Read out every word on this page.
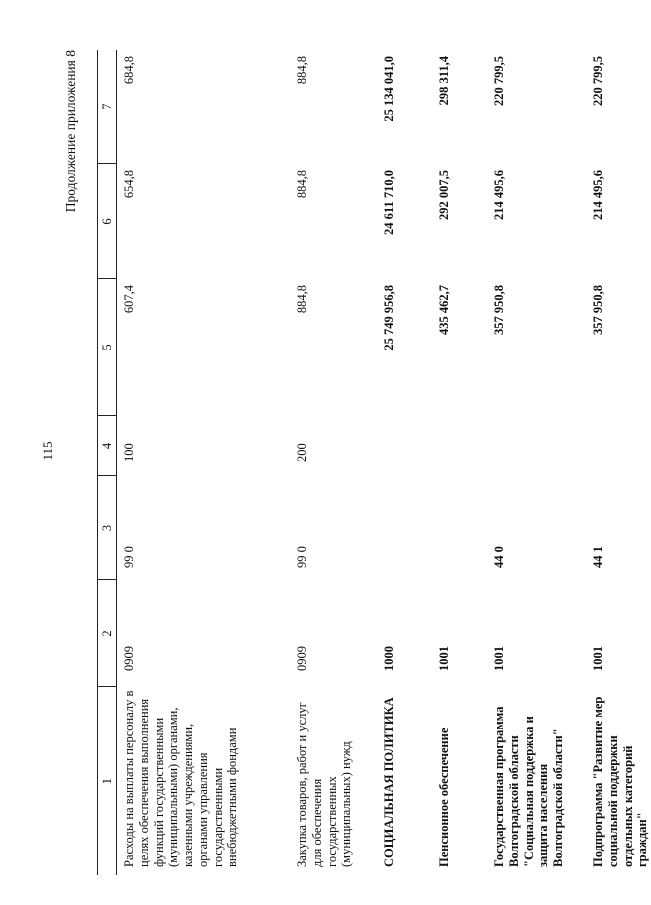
115
Продолжение приложения 8
1	2	3	4	5	6	7
Расходы на выплаты персоналу в целях обеспечения выполнения функций государственными (муниципальными) органами, казенными учреждениями, органами управления государственными внебюджетными фондами	0909	99 0	100	607,4	654,8	684,8
Закупка товаров, работ и услуг для обеспечения государственных (муниципальных) нужд	0909	99 0	200	884,8	884,8	884,8
СОЦИАЛЬНАЯ ПОЛИТИКА	1000			25 749 956,8	24 611 710,0	25 134 041,0
Пенсионное обеспечение	1001			435 462,7	292 007,5	298 311,4
Государственная программа Волгоградской области "Социальная поддержка и защита населения Волгоградской области"	1001	44 0		357 950,8	214 495,6	220 799,5
Подпрограмма "Развитие мер социальной поддержки отдельных категорий граждан"	1001	44 1		357 950,8	214 495,6	220 799,5
